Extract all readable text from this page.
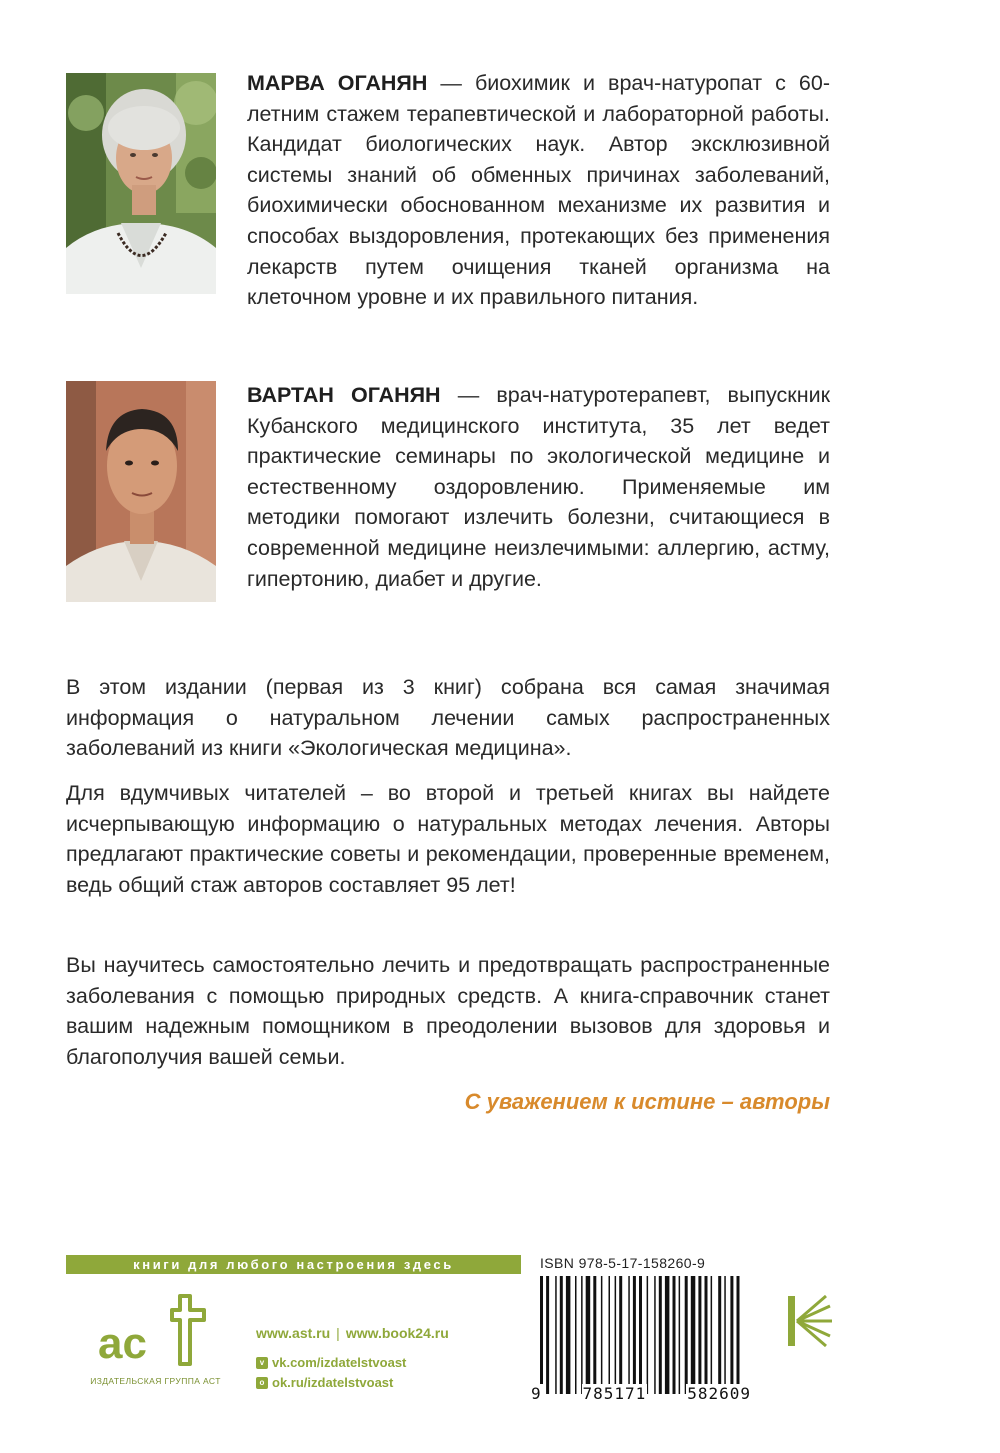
МАРВА ОГАНЯН — биохимик и врач-натуропат с 60-летним стажем терапевтической и лабораторной работы. Кандидат биологических наук. Автор эксклюзивной системы знаний об обменных причинах заболеваний, биохимически обоснованном механизме их развития и способах выздоровления, протекающих без применения лекарств путем очищения тканей организма на клеточном уровне и их правильного питания.
ВАРТАН ОГАНЯН — врач-натуротерапевт, выпускник Кубанского медицинского института, 35 лет ведет практические семинары по экологической медицине и естественному оздоровлению. Применяемые им методики помогают излечить болезни, считающиеся в современной медицине неизлечимыми: аллергию, астму, гипертонию, диабет и другие.
В этом издании (первая из 3 книг) собрана вся самая значимая информация о натуральном лечении самых распространенных заболеваний из книги «Экологическая медицина».
Для вдумчивых читателей – во второй и третьей книгах вы найдете исчерпывающую информацию о натуральных методах лечения. Авторы предлагают практические советы и рекомендации, проверенные временем, ведь общий стаж авторов составляет 95 лет!
Вы научитесь самостоятельно лечить и предотвращать распространенные заболевания с помощью природных средств. А книга-справочник станет вашим надежным помощником в преодолении вызовов для здоровья и благополучия вашей семьи.
С уважением к истине – авторы
книги для любого настроения здесь
ac
ИЗДАТЕЛЬСКАЯ ГРУППА АСТ
www.ast.ru | www.book24.ru
v vk.com/izdatelstvoast
o ok.ru/izdatelstvoast
ISBN 978-5-17-158260-9
9	785171	582609
